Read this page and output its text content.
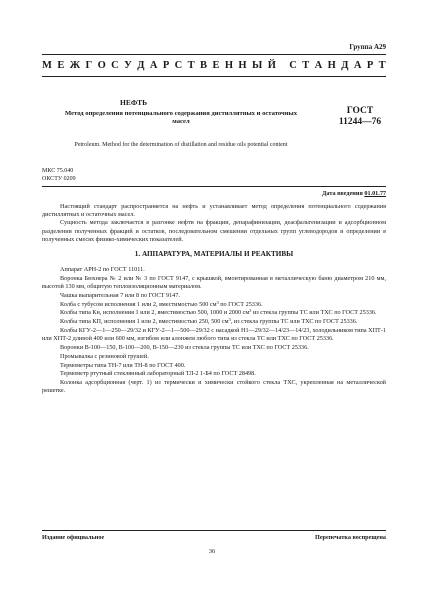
Группа А29
М Е Ж Г О С У Д А Р С Т В Е Н Н Ы Й
С Т А Н Д А Р Т
НЕФТЬ
Метод определения потенциального содержания дистиллятных и остаточных масел
ГОСТ
11244—76
Petroleum. Method for the determination of distillation and residue oils potential content
МКС 75.040
ОКСТУ 0209
Дата введения 01.01.77

Настоящий стандарт распространяется на нефть и устанавливает метод определения потенциального содержания дистиллятных и остаточных масел.

Сущность метода заключается в разгонке нефти на фракции, депарафинизации, деасфальтенизации и адсорбционном разделении полученных фракций и остатков, последовательном смешении отдельных групп углеводородов и определении в полученных смесях физико-химических показателей.

1. АППАРАТУРА, МАТЕРИАЛЫ И РЕАКТИВЫ

Аппарат АРН-2 по ГОСТ 11011.

Воронка Бюхнера № 2 или № 3 по ГОСТ 9147, с крышкой, вмонтированная в металлическую баню диаметром 210 мм, высотой 130 мм, общитую теплоизоляционным материалом.

Чашка выпарительная 7 или 8 по ГОСТ 9147.

Колба с тубусом исполнения 1 или 2, вместимостью 500 $см^3$ по ГОСТ 25336.

Колбы типа Кн, исполнения 1 или 2, вместимостью 500, 1000 и 2000 $см^3$ из стекла группы ТС или ТХС по ГОСТ 25336.

Колбы типа КП, исполнения 1 или 2, вместимостью 250, 500 $см^3$, из стекла группы ТС или ТХС по ГОСТ 25336.

Колбы КГУ-2—1—250—29/32 и КГУ-2—1—500—29/32 с насадкой Н1—29/32—14/23—14/23, холодильником типа ХПТ-1 или ХПТ-2 длиной 400 или 600 мм, изгибом или алонжем любого типа из стекла ТС или ТХС по ГОСТ 25336.

Воронки В-100—150, В-100—200, В-150—230 из стекла группы ТС или ТХС по ГОСТ 25336.

Промывалка с резиновой грушей.

Термометры типа ТН-7 или ТН-8 по ГОСТ 400.

Термометр ртутный стеклянный лабораторный ТЛ-2 1-Б4 по ГОСТ 28498.

Колонка адсорбционная (черт. 1) из термически и химически стойкого стекла ТХС, укрепленная на металлической решетке.

Издание официальное	Перепечатка воспрещена
36
